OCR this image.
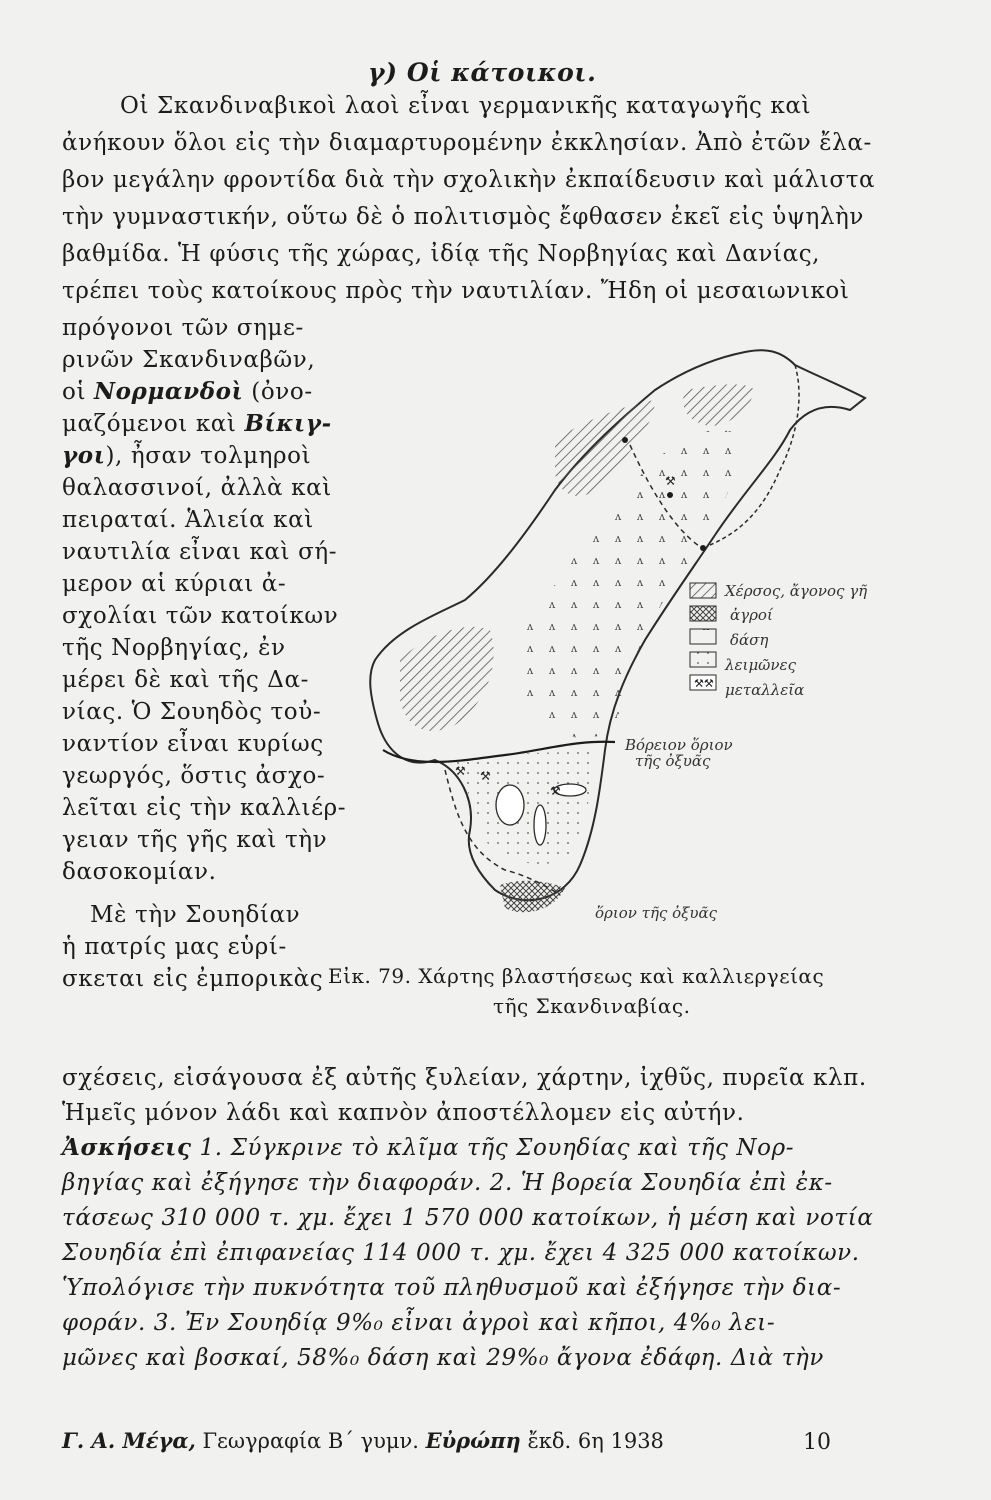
γ) Οἱ κάτοικοι.
Οἱ Σκανδιναβικοὶ λαοὶ εἶναι γερμανικῆς καταγωγῆς καὶ
ἀνήκουν ὅλοι εἰς τὴν διαμαρτυρομένην ἐκκλησίαν. Ἀπὸ ἐτῶν ἔλα-
βον μεγάλην φροντίδα διὰ τὴν σχολικὴν ἐκπαίδευσιν καὶ μάλιστα
τὴν γυμναστικήν, οὕτω δὲ ὁ πολιτισμὸς ἔφθασεν ἐκεῖ εἰς ὑψηλὴν
βαθμίδα. Ἡ φύσις τῆς χώρας, ἰδίᾳ τῆς Νορβηγίας καὶ Δανίας,
τρέπει τοὺς κατοίκους πρὸς τὴν ναυτιλίαν. Ἤδη οἱ μεσαιωνικοὶ
πρόγονοι τῶν σημε-
ρινῶν Σκανδιναβῶν,
οἱ Νορμανδοὶ (ὀνο-
μαζόμενοι καὶ Βίκιγ-
γοι), ἦσαν τολμηροὶ
θαλασσινοί, ἀλλὰ καὶ
πειραταί. Ἁλιεία καὶ
ναυτιλία εἶναι καὶ σή-
μερον αἱ κύριαι ἀ-
σχολίαι τῶν κατοίκων
τῆς Νορβηγίας, ἐν
μέρει δὲ καὶ τῆς Δα-
νίας. Ὁ Σουηδὸς τοὐ-
ναντίον εἶναι κυρίως
γεωργός, ὅστις ἀσχο-
λεῖται εἰς τὴν καλλιέρ-
γειαν τῆς γῆς καὶ τὴν
δασοκομίαν.
Μὲ τὴν Σουηδίαν
ἡ πατρίς μας εὑρί-
σκεται εἰς ἐμπορικὰς
⚒ ⚒
⚒
⚒
⚒⚒
Χέρσος, ἄγονος γῆ
ἀγροί
δάση
λειμῶνες
μεταλλεῖα
Βόρειον ὅριον
τῆς ὀξυᾶς
ὅριον τῆς ὀξυᾶς
Εἰκ. 79. Χάρτης βλαστήσεως καὶ καλλιεργείας
τῆς Σκανδιναβίας.
σχέσεις, εἰσάγουσα ἐξ αὐτῆς ξυλείαν, χάρτην, ἰχθῦς, πυρεῖα κλπ.
Ἡμεῖς μόνον λάδι καὶ καπνὸν ἀποστέλλομεν εἰς αὐτήν.
Ἀσκήσεις 1. Σύγκρινε τὸ κλῖμα τῆς Σουηδίας καὶ τῆς Νορ-
βηγίας καὶ ἐξήγησε τὴν διαφοράν. 2. Ἡ βορεία Σουηδία ἐπὶ ἐκ-
τάσεως 310 000 τ. χμ. ἔχει 1 570 000 κατοίκων, ἡ μέση καὶ νοτία
Σουηδία ἐπὶ ἐπιφανείας 114 000 τ. χμ. ἔχει 4 325 000 κατοίκων.
Ὑπολόγισε τὴν πυκνότητα τοῦ πληθυσμοῦ καὶ ἐξήγησε τὴν δια-
φοράν. 3. Ἐν Σουηδίᾳ 9%₀ εἶναι ἀγροὶ καὶ κῆποι, 4%₀ λει-
μῶνες καὶ βοσκαί, 58%₀ δάση καὶ 29%₀ ἄγονα ἐδάφη. Διὰ τὴν
Γ. Α. Μέγα, Γεωγραφία Β΄ γυμν. Εὐρώπη ἔκδ. 6η 1938	10
